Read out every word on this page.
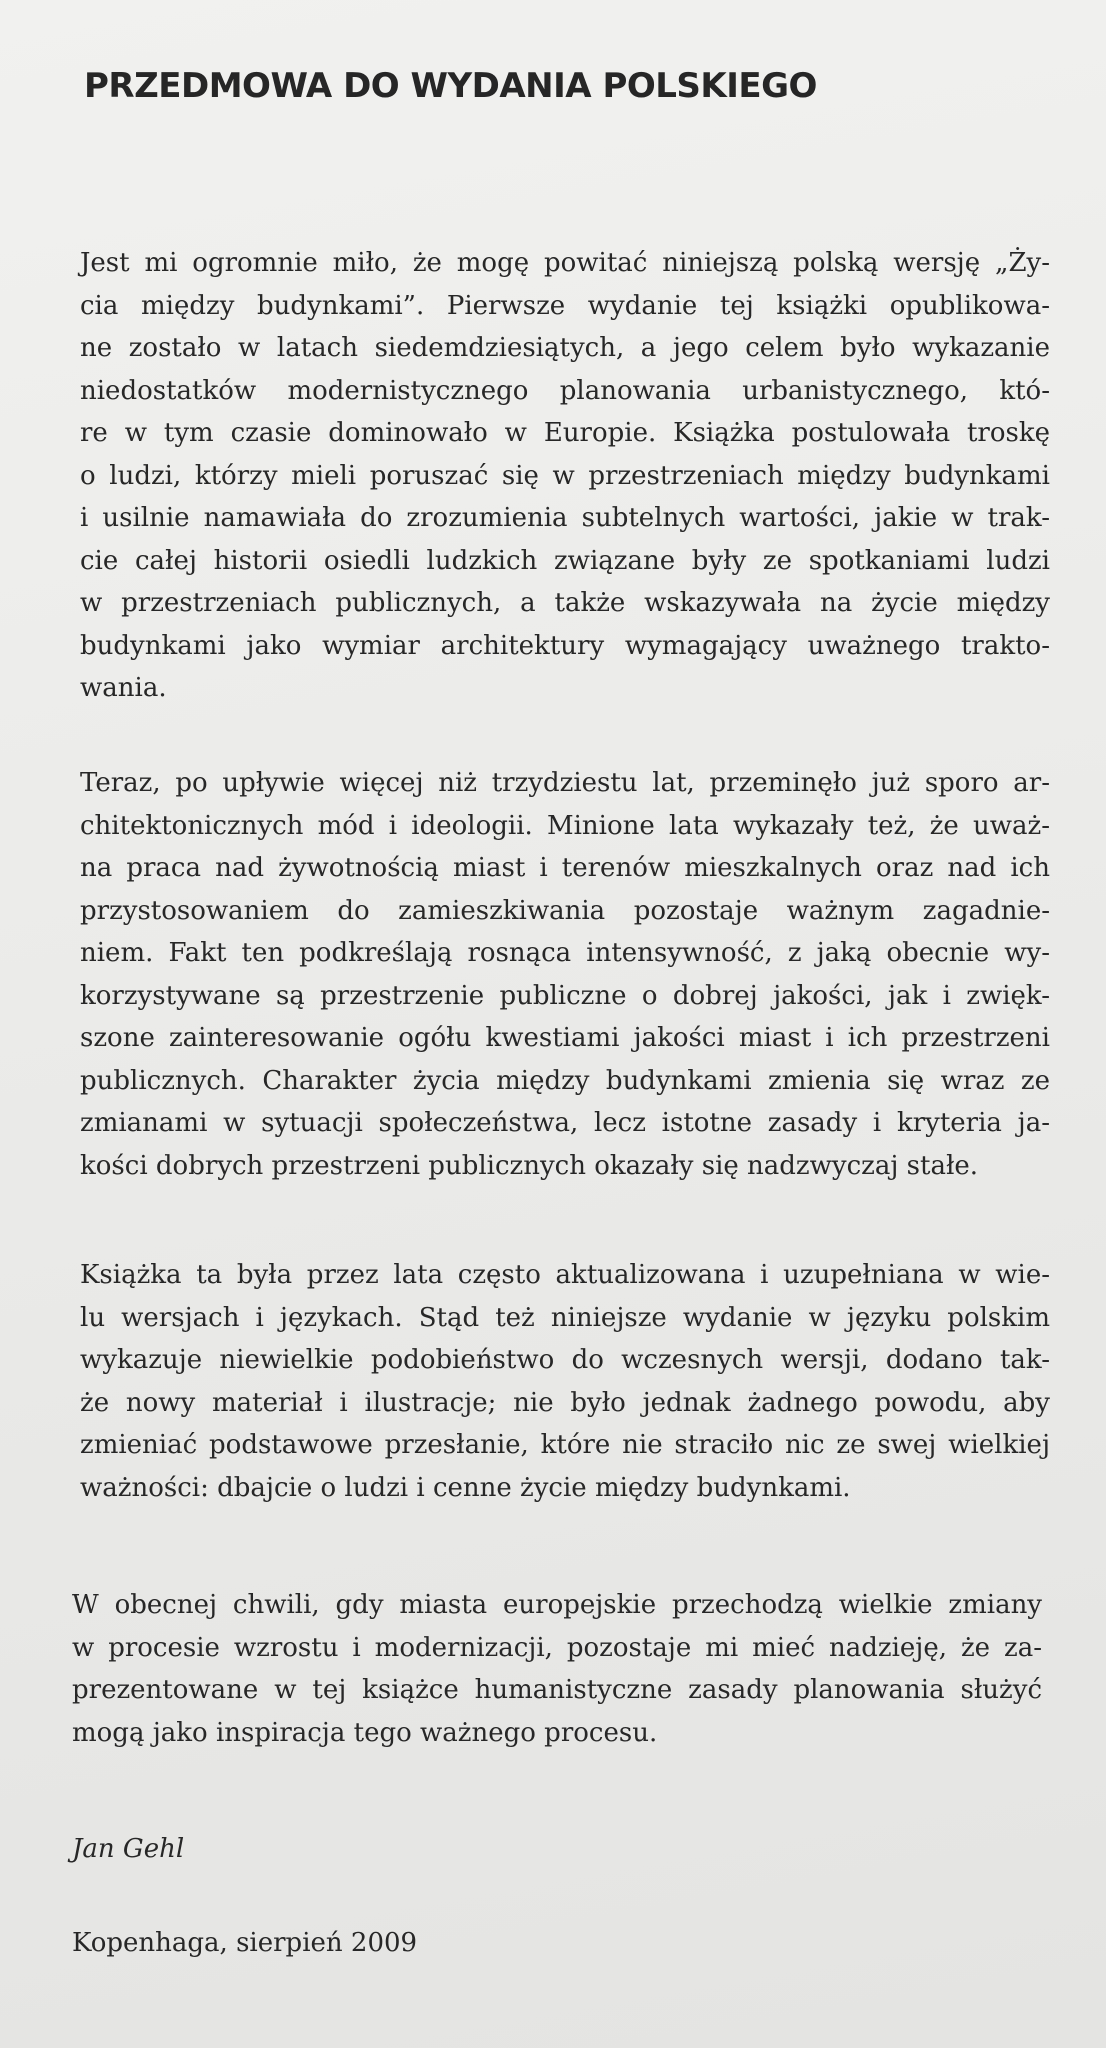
PRZEDMOWA DO WYDANIA POLSKIEGO
Jest mi ogromnie miło, że mogę powitać niniejszą polską wersję „Ży-
cia między budynkami”. Pierwsze wydanie tej książki opublikowa-
ne zostało w latach siedemdziesiątych, a jego celem było wykazanie
niedostatków modernistycznego planowania urbanistycznego, któ-
re w tym czasie dominowało w Europie. Książka postulowała troskę
o ludzi, którzy mieli poruszać się w przestrzeniach między budynkami
i usilnie namawiała do zrozumienia subtelnych wartości, jakie w trak-
cie całej historii osiedli ludzkich związane były ze spotkaniami ludzi
w przestrzeniach publicznych, a także wskazywała na życie między
budynkami jako wymiar architektury wymagający uważnego trakto-
wania.
Teraz, po upływie więcej niż trzydziestu lat, przeminęło już sporo ar-
chitektonicznych mód i ideologii. Minione lata wykazały też, że uważ-
na praca nad żywotnością miast i terenów mieszkalnych oraz nad ich
przystosowaniem do zamieszkiwania pozostaje ważnym zagadnie-
niem. Fakt ten podkreślają rosnąca intensywność, z jaką obecnie wy-
korzystywane są przestrzenie publiczne o dobrej jakości, jak i zwięk-
szone zainteresowanie ogółu kwestiami jakości miast i ich przestrzeni
publicznych. Charakter życia między budynkami zmienia się wraz ze
zmianami w sytuacji społeczeństwa, lecz istotne zasady i kryteria ja-
kości dobrych przestrzeni publicznych okazały się nadzwyczaj stałe.
Książka ta była przez lata często aktualizowana i uzupełniana w wie-
lu wersjach i językach. Stąd też niniejsze wydanie w języku polskim
wykazuje niewielkie podobieństwo do wczesnych wersji, dodano tak-
że nowy materiał i ilustracje; nie było jednak żadnego powodu, aby
zmieniać podstawowe przesłanie, które nie straciło nic ze swej wielkiej
ważności: dbajcie o ludzi i cenne życie między budynkami.
W obecnej chwili, gdy miasta europejskie przechodzą wielkie zmiany
w procesie wzrostu i modernizacji, pozostaje mi mieć nadzieję, że za-
prezentowane w tej książce humanistyczne zasady planowania służyć
mogą jako inspiracja tego ważnego procesu.
Jan Gehl
Kopenhaga, sierpień 2009
